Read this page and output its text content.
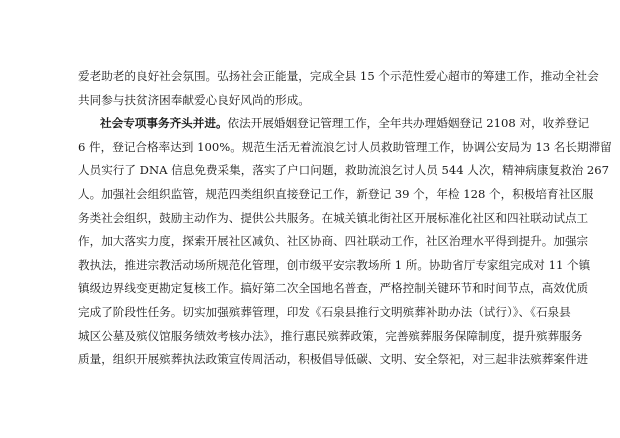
爱老助老的良好社会氛围。弘扬社会正能量，完成全县 15 个示范性爱心超市的筹建工作，推动全社会
共同参与扶贫济困奉献爱心良好风尚的形成。
社会专项事务齐头并进。依法开展婚姻登记管理工作，全年共办理婚姻登记 2108 对，收养登记
6 件，登记合格率达到 100%。规范生活无着流浪乞讨人员救助管理工作，协调公安局为 13 名长期滞留
人员实行了 DNA 信息免费采集，落实了户口问题，救助流浪乞讨人员 544 人次，精神病康复救治 267
人。加强社会组织监管，规范四类组织直接登记工作，新登记 39 个，年检 128 个，积极培育社区服
务类社会组织，鼓励主动作为、提供公共服务。在城关镇北街社区开展标准化社区和四社联动试点工
作，加大落实力度，探索开展社区减负、社区协商、四社联动工作，社区治理水平得到提升。加强宗
教执法，推进宗教活动场所规范化管理，创市级平安宗教场所 1 所。协助省厅专家组完成对 11 个镇
镇级边界线变更勘定复核工作。搞好第二次全国地名普查，严格控制关键环节和时间节点，高效优质
完成了阶段性任务。切实加强殡葬管理，印发《石泉县推行文明殡葬补助办法（试行）》、《石泉县
城区公墓及殡仪馆服务绩效考核办法》，推行惠民殡葬政策，完善殡葬服务保障制度，提升殡葬服务
质量，组织开展殡葬执法政策宣传周活动，积极倡导低碳、文明、安全祭祀，对三起非法殡葬案件进
